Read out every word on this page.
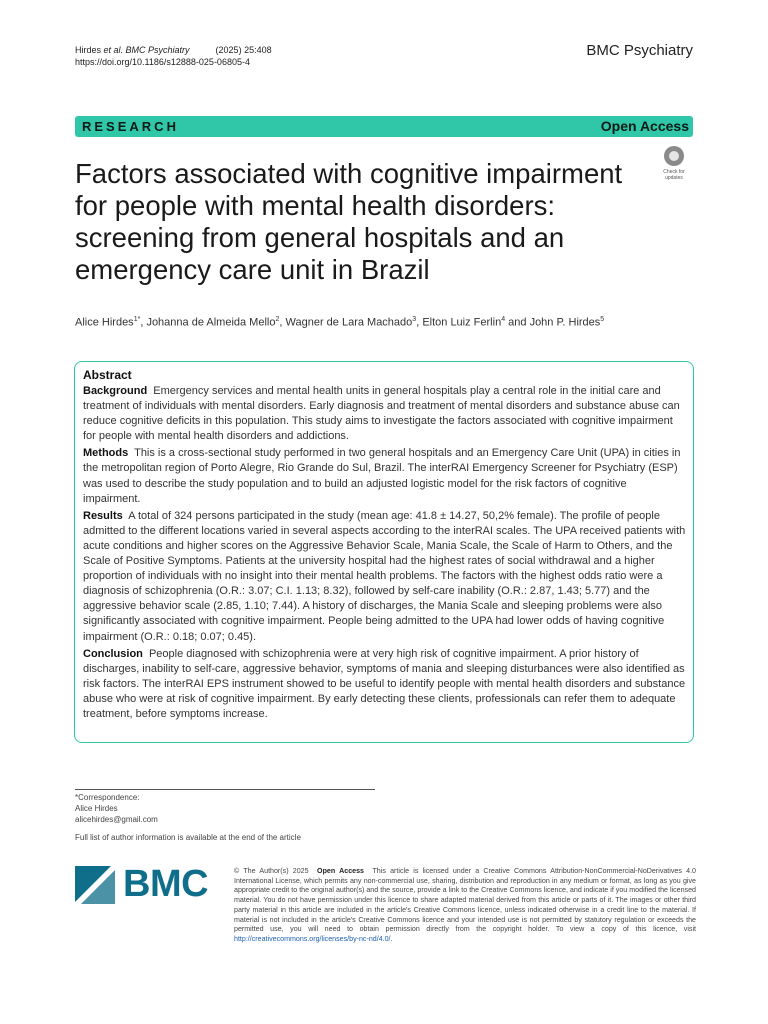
Hirdes et al. BMC Psychiatry	(2025) 25:408
https://doi.org/10.1186/s12888-025-06805-4
BMC Psychiatry
RESEARCH	Open Access
Factors associated with cognitive impairment for people with mental health disorders: screening from general hospitals and an emergency care unit in Brazil
Check for
updates
Alice Hirdes$^{1*}$, Johanna de Almeida Mello$^2$, Wagner de Lara Machado$^3$, Elton Luiz Ferlin$^4$ and John P. Hirdes$^5$
Abstract

Background Emergency services and mental health units in general hospitals play a central role in the initial care and treatment of individuals with mental disorders. Early diagnosis and treatment of mental disorders and substance abuse can reduce cognitive deficits in this population. This study aims to investigate the factors associated with cognitive impairment for people with mental health disorders and addictions.

Methods This is a cross-sectional study performed in two general hospitals and an Emergency Care Unit (UPA) in cities in the metropolitan region of Porto Alegre, Rio Grande do Sul, Brazil. The interRAI Emergency Screener for Psychiatry (ESP) was used to describe the study population and to build an adjusted logistic model for the risk factors of cognitive impairment.

Results A total of 324 persons participated in the study (mean age: 41.8 ± 14.27, 50,2% female). The profile of people admitted to the different locations varied in several aspects according to the interRAI scales. The UPA received patients with acute conditions and higher scores on the Aggressive Behavior Scale, Mania Scale, the Scale of Harm to Others, and the Scale of Positive Symptoms. Patients at the university hospital had the highest rates of social withdrawal and a higher proportion of individuals with no insight into their mental health problems. The factors with the highest odds ratio were a diagnosis of schizophrenia (O.R.: 3.07; C.I. 1.13; 8.32), followed by self-care inability (O.R.: 2.87, 1.43; 5.77) and the aggressive behavior scale (2.85, 1.10; 7.44). A history of discharges, the Mania Scale and sleeping problems were also significantly associated with cognitive impairment. People being admitted to the UPA had lower odds of having cognitive impairment (O.R.: 0.18; 0.07; 0.45).

Conclusion People diagnosed with schizophrenia were at very high risk of cognitive impairment. A prior history of discharges, inability to self-care, aggressive behavior, symptoms of mania and sleeping disturbances were also identified as risk factors. The interRAI EPS instrument showed to be useful to identify people with mental health disorders and substance abuse who were at risk of cognitive impairment. By early detecting these clients, professionals can refer them to adequate treatment, before symptoms increase.

*Correspondence:
Alice Hirdes
alicehirdes@gmail.com
Full list of author information is available at the end of the article
BMC	© The Author(s) 2025 Open Access This article is licensed under a Creative Commons Attribution-NonCommercial-NoDerivatives 4.0 International License, which permits any non-commercial use, sharing, distribution and reproduction in any medium or format, as long as you give appropriate credit to the original author(s) and the source, provide a link to the Creative Commons licence, and indicate if you modified the licensed material. You do not have permission under this licence to share adapted material derived from this article or parts of it. The images or other third party material in this article are included in the article's Creative Commons licence, unless indicated otherwise in a credit line to the material. If material is not included in the article's Creative Commons licence and your intended use is not permitted by statutory regulation or exceeds the permitted use, you will need to obtain permission directly from the copyright holder. To view a copy of this licence, visit http://creativecommons.org/licenses/by-nc-nd/4.0/.
